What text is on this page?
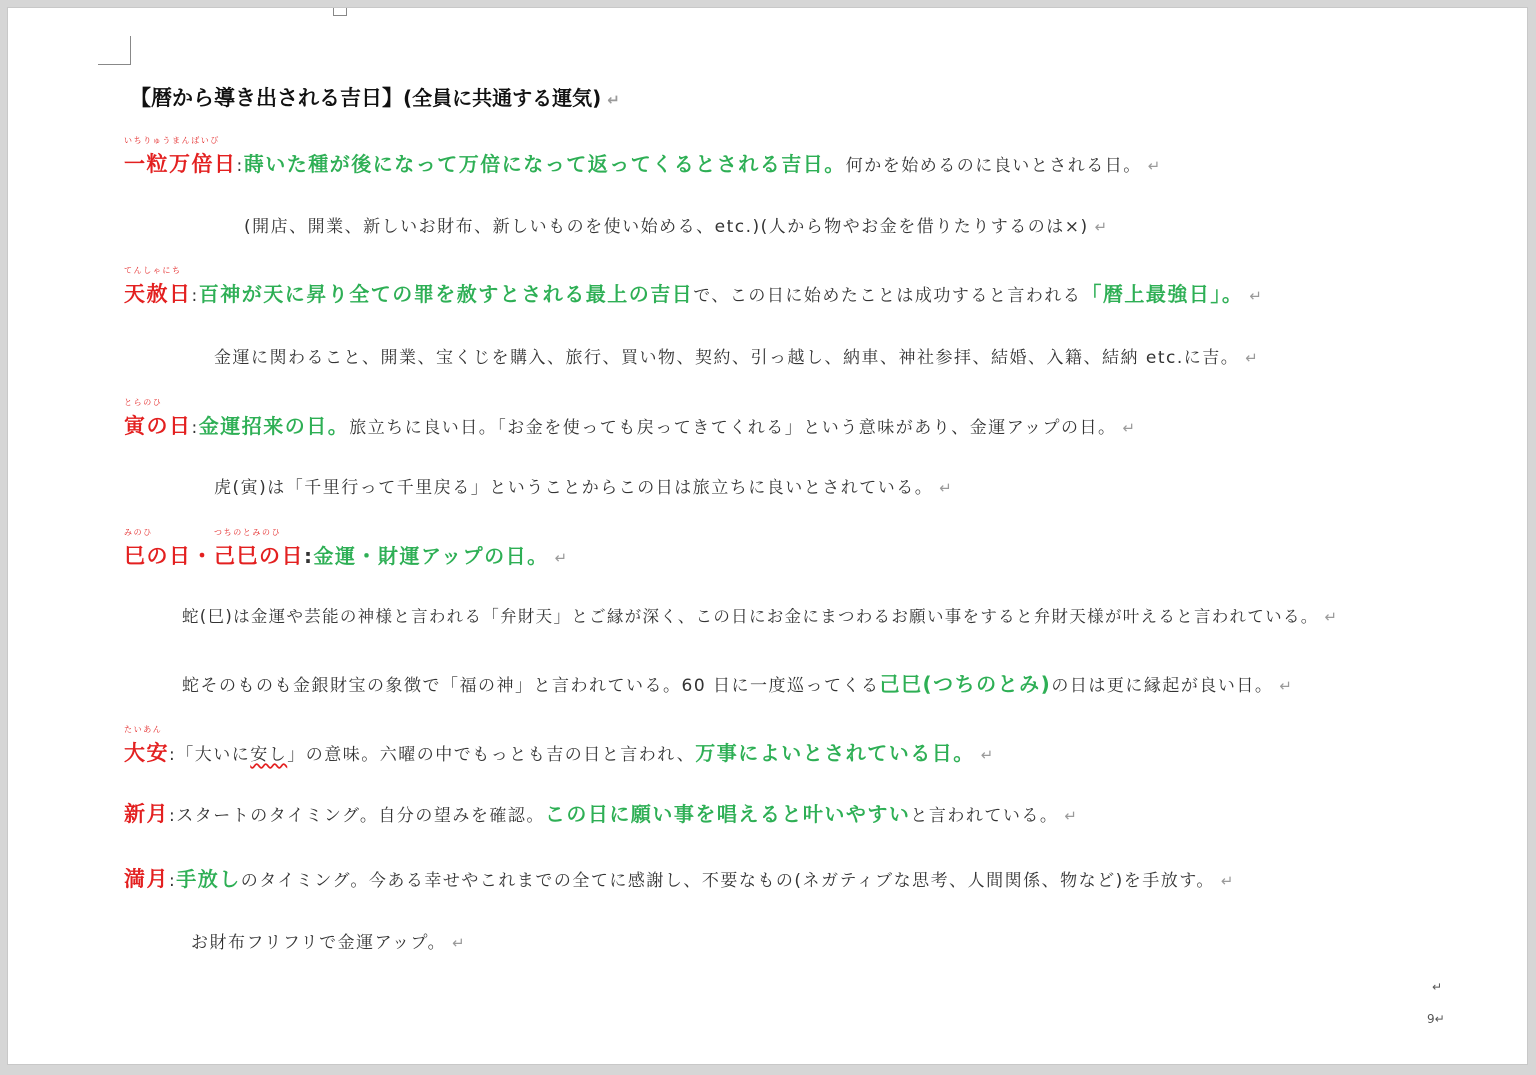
【暦から導き出される吉日】(全員に共通する運気) ↵
いちりゅうまんばいび
一粒万倍日:蒔いた種が後になって万倍になって返ってくるとされる吉日。何かを始めるのに良いとされる日。 ↵
(開店、開業、新しいお財布、新しいものを使い始める、etc.)(人から物やお金を借りたりするのは×) ↵
てんしゃにち
天赦日:百神が天に昇り全ての罪を赦すとされる最上の吉日で、この日に始めたことは成功すると言われる「暦上最強日」。 ↵
金運に関わること、開業、宝くじを購入、旅行、買い物、契約、引っ越し、納車、神社参拝、結婚、入籍、結納 etc.に吉。 ↵
とらのひ
寅の日:金運招来の日。旅立ちに良い日。「お金を使っても戻ってきてくれる」という意味があり、金運アップの日。 ↵
虎(寅)は「千里行って千里戻る」ということからこの日は旅立ちに良いとされている。 ↵
みのひ
巳の日・
つちのとみのひ
己巳の日:金運・財運アップの日。 ↵
蛇(巳)は金運や芸能の神様と言われる「弁財天」とご縁が深く、この日にお金にまつわるお願い事をすると弁財天様が叶えると言われている。 ↵
蛇そのものも金銀財宝の象徴で「福の神」と言われている。60 日に一度巡ってくる己巳(つちのとみ)の日は更に縁起が良い日。 ↵
たいあん
大安:「大いに安し」の意味。六曜の中でもっとも吉の日と言われ、万事によいとされている日。 ↵
新月:スタートのタイミング。自分の望みを確認。この日に願い事を唱えると叶いやすいと言われている。 ↵
満月:手放しのタイミング。今ある幸せやこれまでの全てに感謝し、不要なもの(ネガティブな思考、人間関係、物など)を手放す。 ↵
お財布フリフリで金運アップ。 ↵
↵
9↵
